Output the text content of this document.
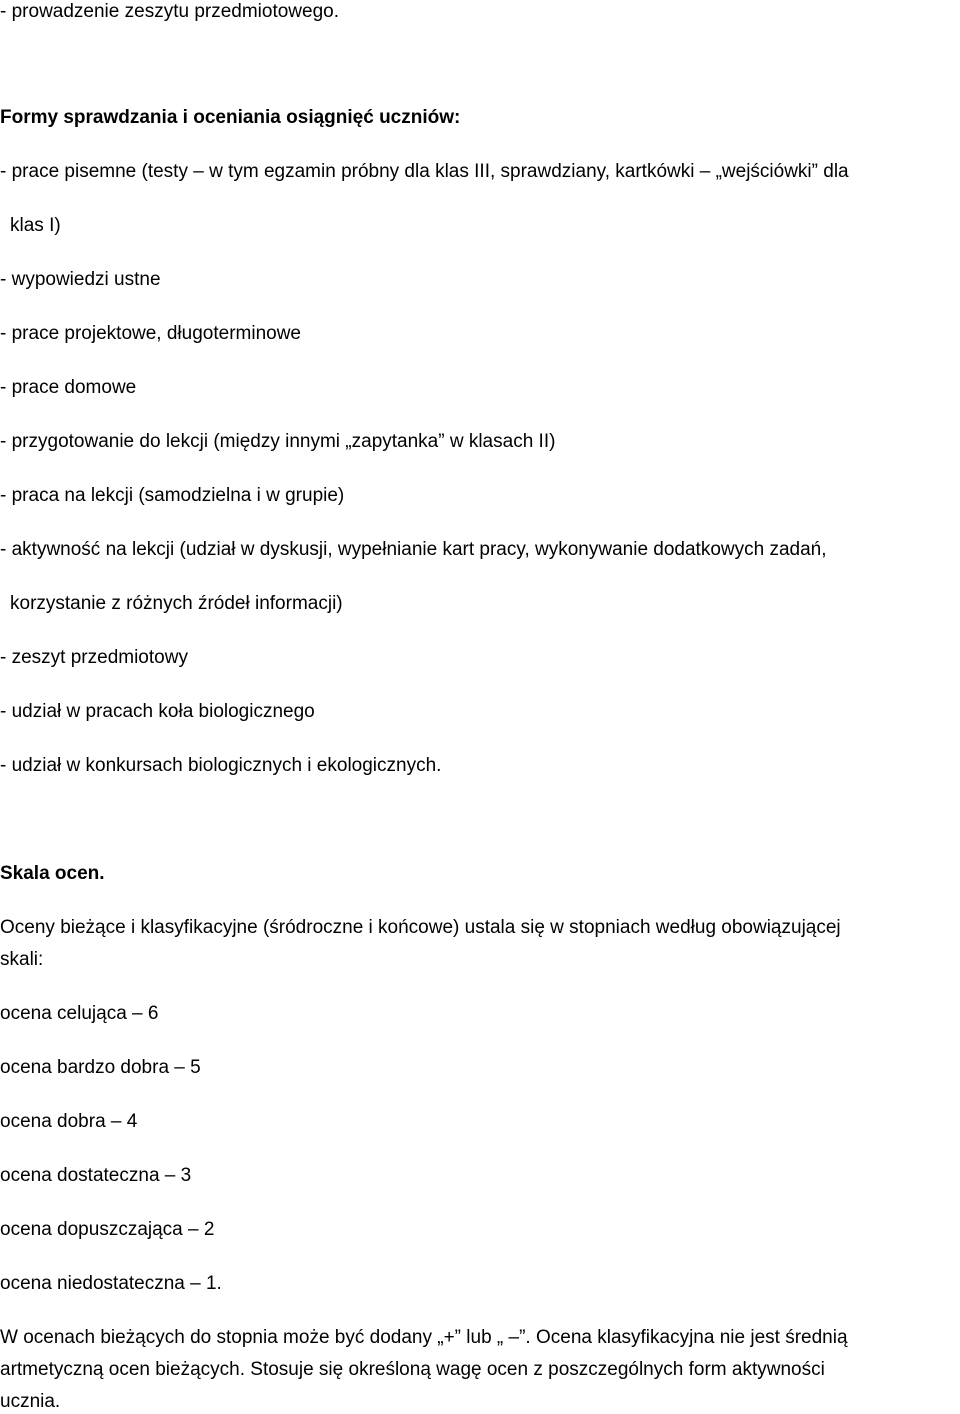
- prowadzenie zeszytu przedmiotowego.

Formy sprawdzania i oceniania osiągnięć uczniów:

- prace pisemne (testy – w tym egzamin próbny dla klas III, sprawdziany, kartkówki – „wejściówki” dla

klas I)

- wypowiedzi ustne

- prace projektowe, długoterminowe

- prace domowe

- przygotowanie do lekcji (między innymi „zapytanka” w klasach II)

- praca na lekcji (samodzielna i w grupie)

- aktywność na lekcji (udział w dyskusji, wypełnianie kart pracy, wykonywanie dodatkowych zadań,

korzystanie z różnych źródeł informacji)

- zeszyt przedmiotowy

- udział w pracach koła biologicznego

- udział w konkursach biologicznych i ekologicznych.

Skala ocen.

Oceny bieżące i klasyfikacyjne (śródroczne i końcowe) ustala się w stopniach według obowiązującej

skali:

ocena celująca – 6

ocena bardzo dobra – 5

ocena dobra – 4

ocena dostateczna – 3

ocena dopuszczająca – 2

ocena niedostateczna – 1.

W ocenach bieżących do stopnia może być dodany „+” lub „ –”. Ocena klasyfikacyjna nie jest średnią

artmetyczną ocen bieżących. Stosuje się określoną wagę ocen z poszczególnych form aktywności

ucznia.
